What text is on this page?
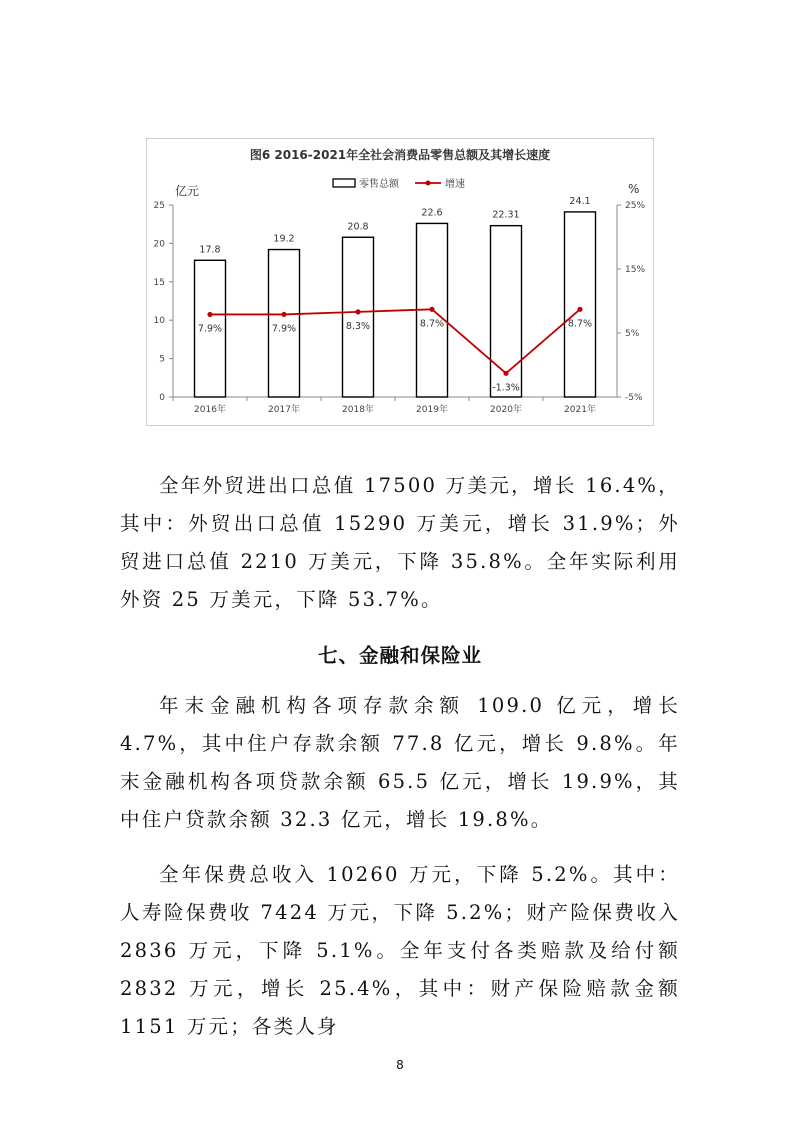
图6 2016-2021年全社会消费品零售总额及其增长速度
零售总额	增速
亿元	%
0
5
10
15
20
25
-5%
5%
15%
25%
2016年	2017年	2018年	2019年	2020年	2021年
17.8
19.2
20.8
22.6	22.31
24.1
7.9%	7.9%	8.3%	8.7%
-1.3%
8.7%

全年外贸进出口总值 17500 万美元，增长 16.4%，其中：外贸出口总值 15290 万美元，增长 31.9%；外贸进口总值 2210 万美元，下降 35.8%。全年实际利用外资 25 万美元，下降 53.7%。

七、金融和保险业

年末金融机构各项存款余额 109.0 亿元，增长 4.7%，其中住户存款余额 77.8 亿元，增长 9.8%。年末金融机构各项贷款余额 65.5 亿元，增长 19.9%，其中住户贷款余额 32.3 亿元，增长 19.8%。

全年保费总收入 10260 万元，下降 5.2%。其中：人寿险保费收 7424 万元，下降 5.2%；财产险保费收入 2836 万元，下降 5.1%。全年支付各类赔款及给付额 2832 万元，增长 25.4%，其中：财产保险赔款金额 1151 万元；各类人身

8
